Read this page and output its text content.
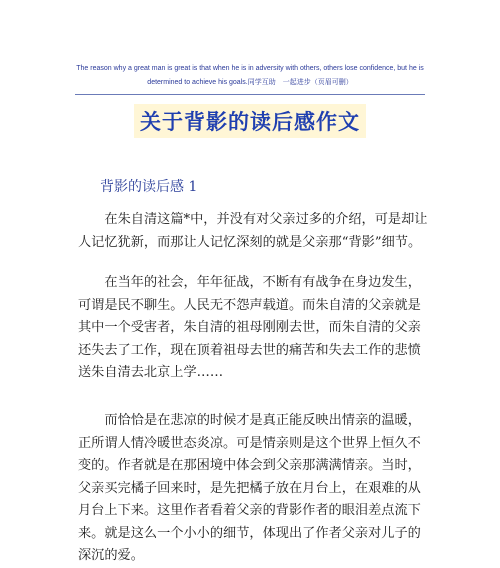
The reason why a great man is great is that when he is in adversity with others, others lose confidence, but he is determined to achieve his goals.同学互助　一起进步（页眉可删）
关于背影的读后感作文
背影的读后感 1

在朱自清这篇*中，并没有对父亲过多的介绍，可是却让人记忆犹新，而那让人记忆深刻的就是父亲那“背影”细节。

在当年的社会，年年征战，不断有有战争在身边发生，可谓是民不聊生。人民无不怨声载道。而朱自清的父亲就是其中一个受害者，朱自清的祖母刚刚去世，而朱自清的父亲还失去了工作，现在顶着祖母去世的痛苦和失去工作的悲愤送朱自清去北京上学……

而恰恰是在悲凉的时候才是真正能反映出情亲的温暖，正所谓人情冷暖世态炎凉。可是情亲则是这个世界上恒久不变的。作者就是在那困境中体会到父亲那满满情亲。当时，父亲买完橘子回来时，是先把橘子放在月台上，在艰难的从月台上下来。这里作者看着父亲的背影作者的眼泪差点流下来。就是这么一个小小的细节，体现出了作者父亲对儿子的深沉的爱。
